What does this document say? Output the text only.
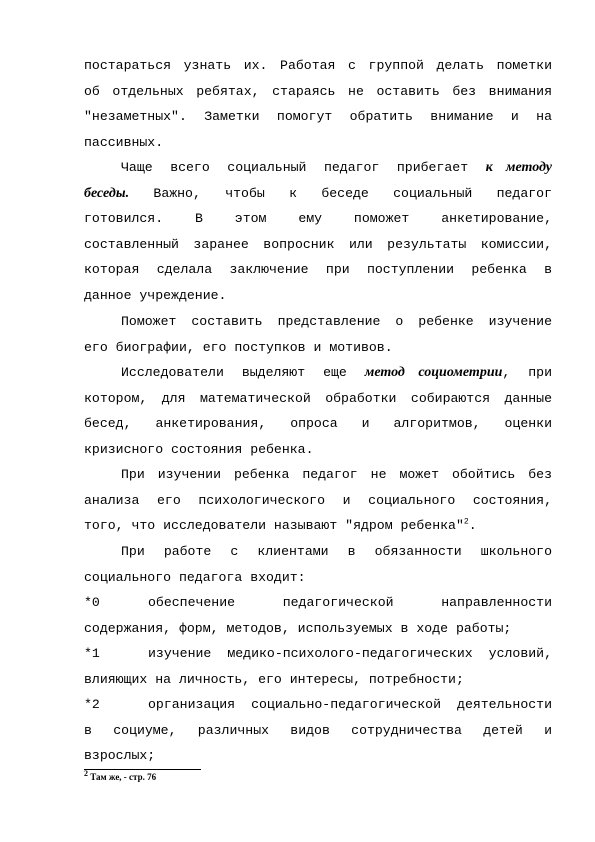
постараться узнать их. Работая с группой делать пометки
об отдельных ребятах, стараясь не оставить без внимания
"незаметных". Заметки помогут обратить внимание и на
пассивных.
Чаще всего социальный педагог прибегает к методу
беседы. Важно, чтобы к беседе социальный педагог
готовился. В этом ему поможет анкетирование,
составленный заранее вопросник или результаты комиссии,
которая сделала заключение при поступлении ребенка в
данное учреждение.
Поможет составить представление о ребенке изучение
его биографии, его поступков и мотивов.
Исследователи выделяют еще метод социометрии, при
котором, для математической обработки собираются данные
бесед, анкетирования, опроса и алгоритмов, оценки
кризисного состояния ребенка.
При изучении ребенка педагог не может обойтись без
анализа его психологического и социального состояния,
того, что исследователи называют "ядром ребенка"$^2$.
При работе с клиентами в обязанности школьного
социального педагога входит:
*0	обеспечение педагогической направленности
содержания, форм, методов, используемых в ходе работы;
*1	изучение медико-психолого-педагогических условий,
влияющих на личность, его интересы, потребности;
*2	организация социально-педагогической деятельности
в социуме, различных видов сотрудничества детей и
взрослых;
$^2$ Там же, - стр. 76
